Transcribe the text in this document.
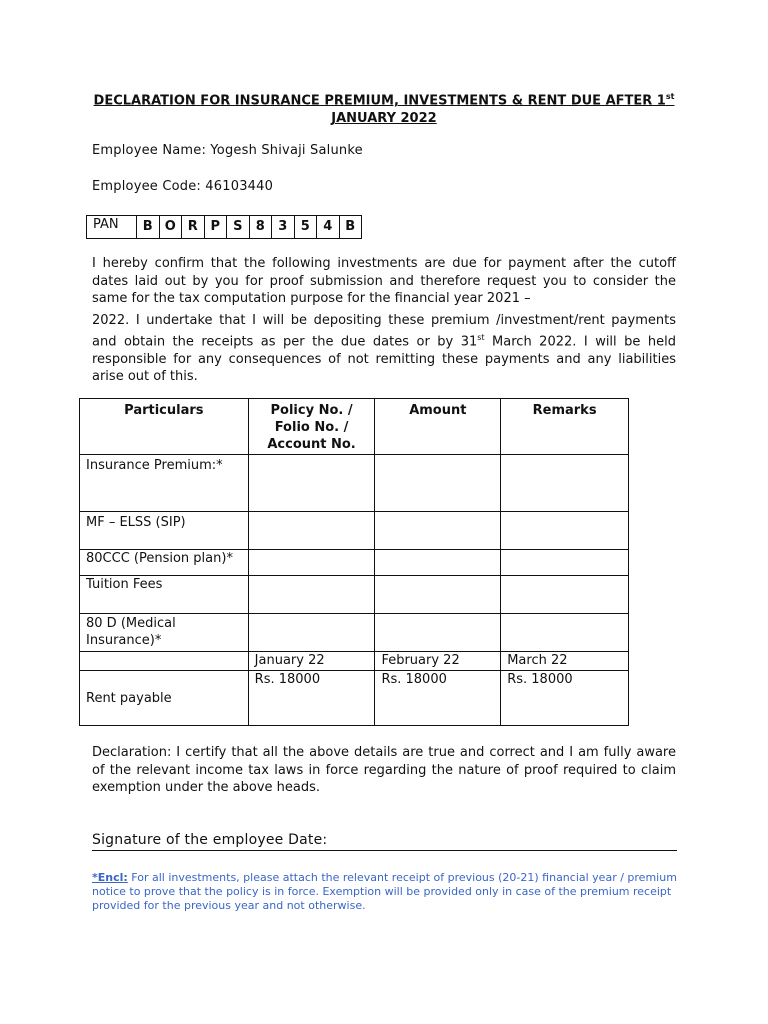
DECLARATION FOR INSURANCE PREMIUM, INVESTMENTS & RENT DUE AFTER 1st
JANUARY 2022
Employee Name: Yogesh Shivaji Salunke
Employee Code: 46103440
PAN	B O R P	S	8	3	5	4	B
I hereby confirm that the following investments are due for payment after the cutoff dates laid out by you for proof submission and therefore request you to consider the same for the tax computation purpose for the financial year 2021 –
2022. I undertake that I will be depositing these premium /investment/rent payments and obtain the receipts as per the due dates or by 31st March 2022. I will be held responsible for any consequences of not remitting these payments and any liabilities arise out of this.
Particulars	Policy No. / Folio No. / Account No.	Amount	Remarks
Insurance Premium:*			
MF – ELSS (SIP)			
80CCC (Pension plan)*			
Tuition Fees			
80 D (Medical Insurance)*			
	January 22	February 22	March 22
Rent payable	Rs. 18000	Rs. 18000	Rs. 18000
Declaration: I certify that all the above details are true and correct and I am fully aware of the relevant income tax laws in force regarding the nature of proof required to claim exemption under the above heads.
Signature of the employee Date:
*Encl: For all investments, please attach the relevant receipt of previous (20-21) financial year / premium notice to prove that the policy is in force. Exemption will be provided only in case of the premium receipt provided for the previous year and not otherwise.
